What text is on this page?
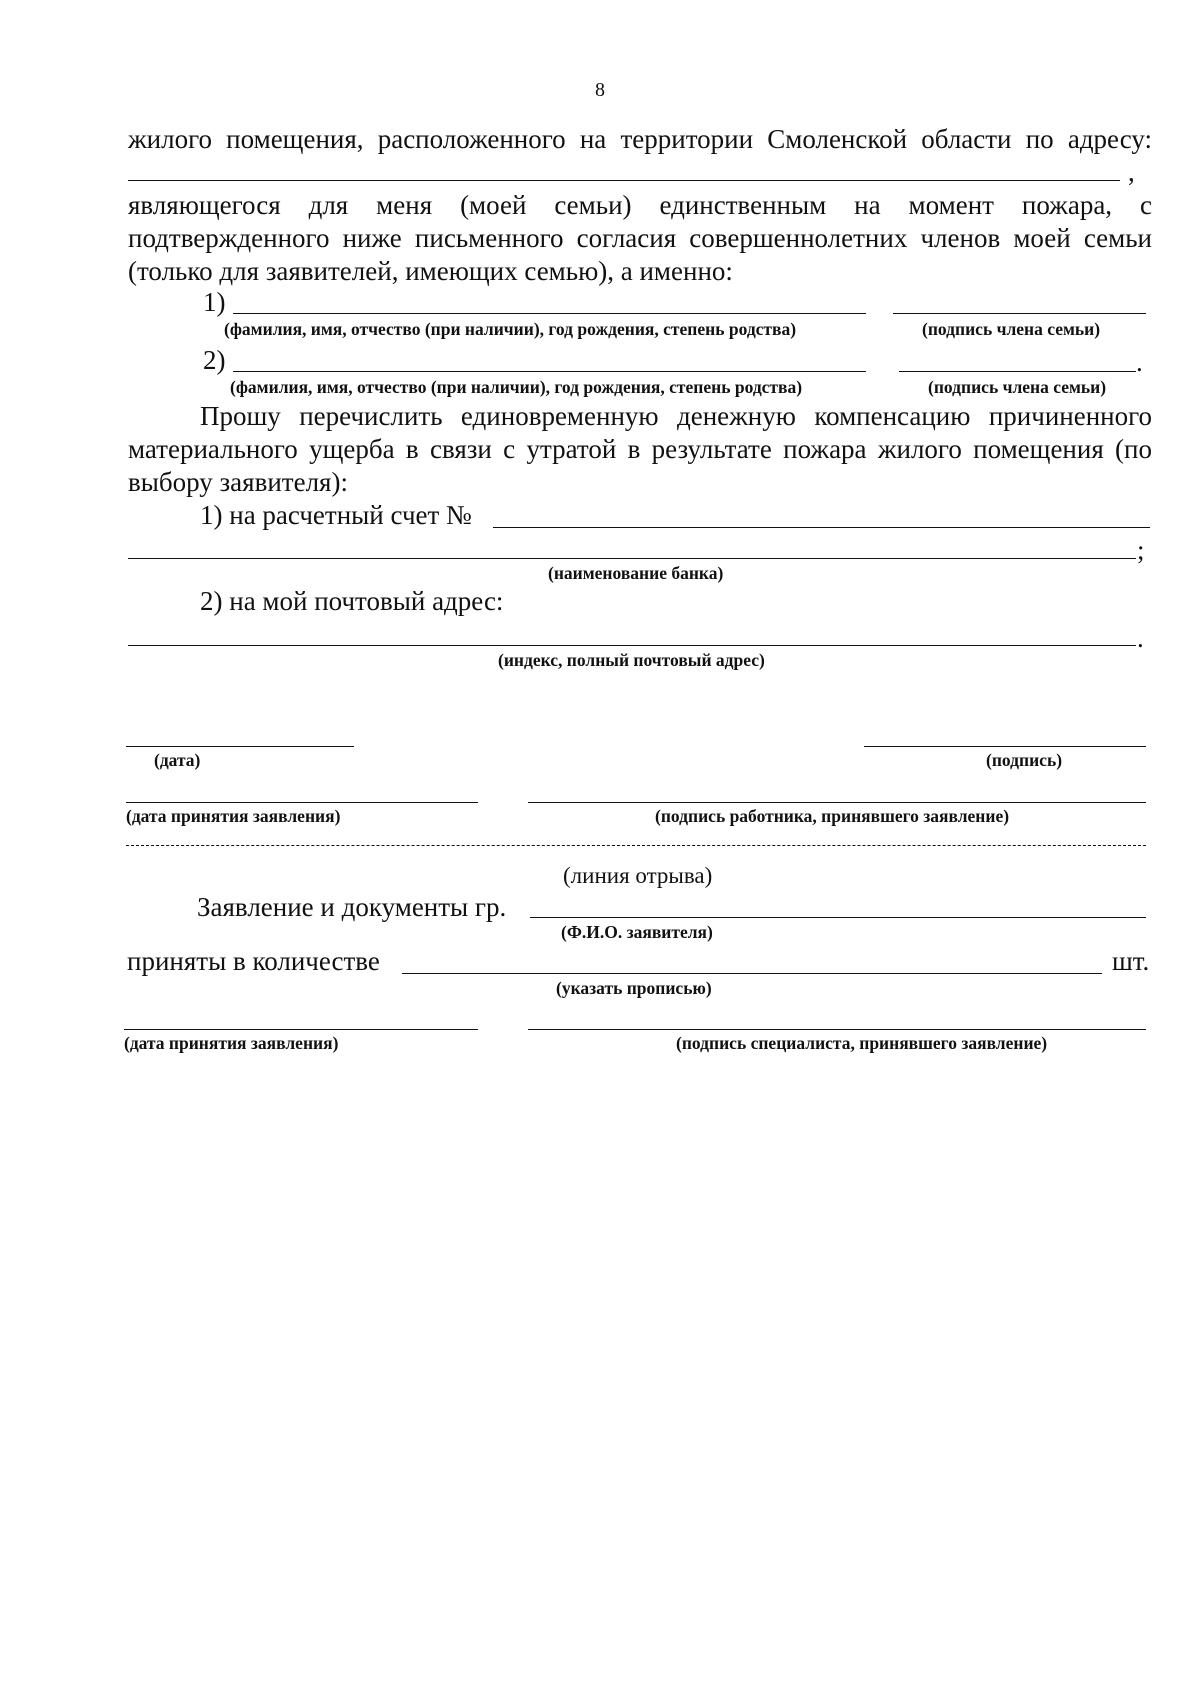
8
жилого помещения, расположенного на территории Смоленской области по адресу:
,
являющегося для меня (моей семьи) единственным на момент пожара, с
подтвержденного ниже письменного согласия совершеннолетних членов моей семьи
(только для заявителей, имеющих семью), а именно:
1)
(фамилия, имя, отчество (при наличии), год рождения, степень родства)	(подпись члена семьи)
2)	.
(фамилия, имя, отчество (при наличии), год рождения, степень родства)	(подпись члена семьи)
Прошу перечислить единовременную денежную компенсацию причиненного
материального ущерба в связи с утратой в результате пожара жилого помещения (по
выбору заявителя):
1) на расчетный счет №
;
(наименование банка)
2) на мой почтовый адрес:
.
(индекс, полный почтовый адрес)
(дата)	(подпись)
(дата принятия заявления)	(подпись работника, принявшего заявление)
(линия отрыва)
Заявление и документы гр.
(Ф.И.О. заявителя)
приняты в количестве	шт.
(указать прописью)
(дата принятия заявления)	(подпись специалиста, принявшего заявление)
